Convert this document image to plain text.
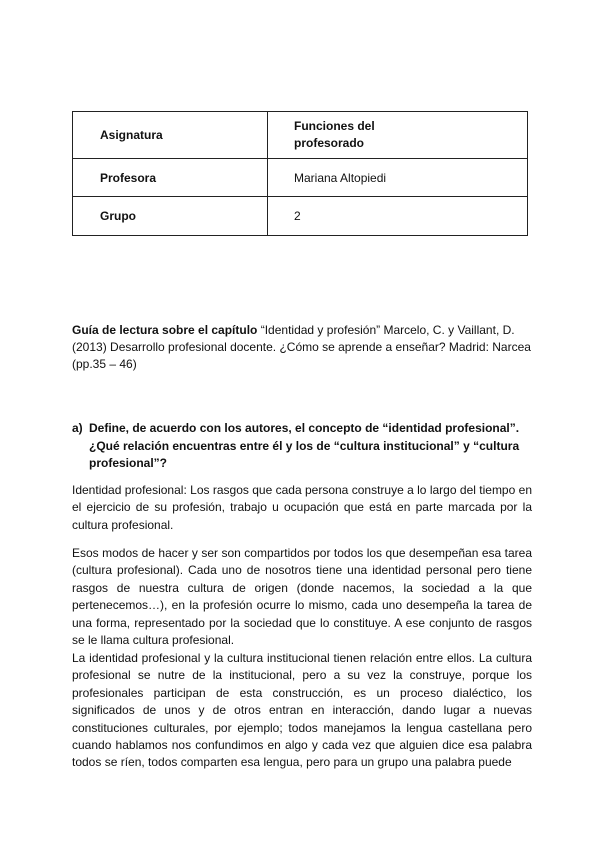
Asignatura	Funciones del
profesorado

Profesora	Mariana Altopiedi
Grupo	2
Guía de lectura sobre el capítulo “Identidad y profesión” Marcelo, C. y Vaillant, D. (2013) Desarrollo profesional docente. ¿Cómo se aprende a enseñar? Madrid: Narcea (pp.35 – 46)
a) Define, de acuerdo con los autores, el concepto de “identidad profesional”. ¿Qué relación encuentras entre él y los de “cultura institucional” y “cultura profesional”?
Identidad profesional: Los rasgos que cada persona construye a lo largo del tiempo en el ejercicio de su profesión, trabajo u ocupación que está en parte marcada por la cultura profesional.
Esos modos de hacer y ser son compartidos por todos los que desempeñan esa tarea (cultura profesional). Cada uno de nosotros tiene una identidad personal pero tiene rasgos de nuestra cultura de origen (donde nacemos, la sociedad a la que pertenecemos…), en la profesión ocurre lo mismo, cada uno desempeña la tarea de una forma, representado por la sociedad que lo constituye. A ese conjunto de rasgos se le llama cultura profesional.
La identidad profesional y la cultura institucional tienen relación entre ellos. La cultura profesional se nutre de la institucional, pero a su vez la construye, porque los profesionales participan de esta construcción, es un proceso dialéctico, los significados de unos y de otros entran en interacción, dando lugar a nuevas constituciones culturales, por ejemplo; todos manejamos la lengua castellana pero cuando hablamos nos confundimos en algo y cada vez que alguien dice esa palabra todos se ríen, todos comparten esa lengua, pero para un grupo una palabra puede
